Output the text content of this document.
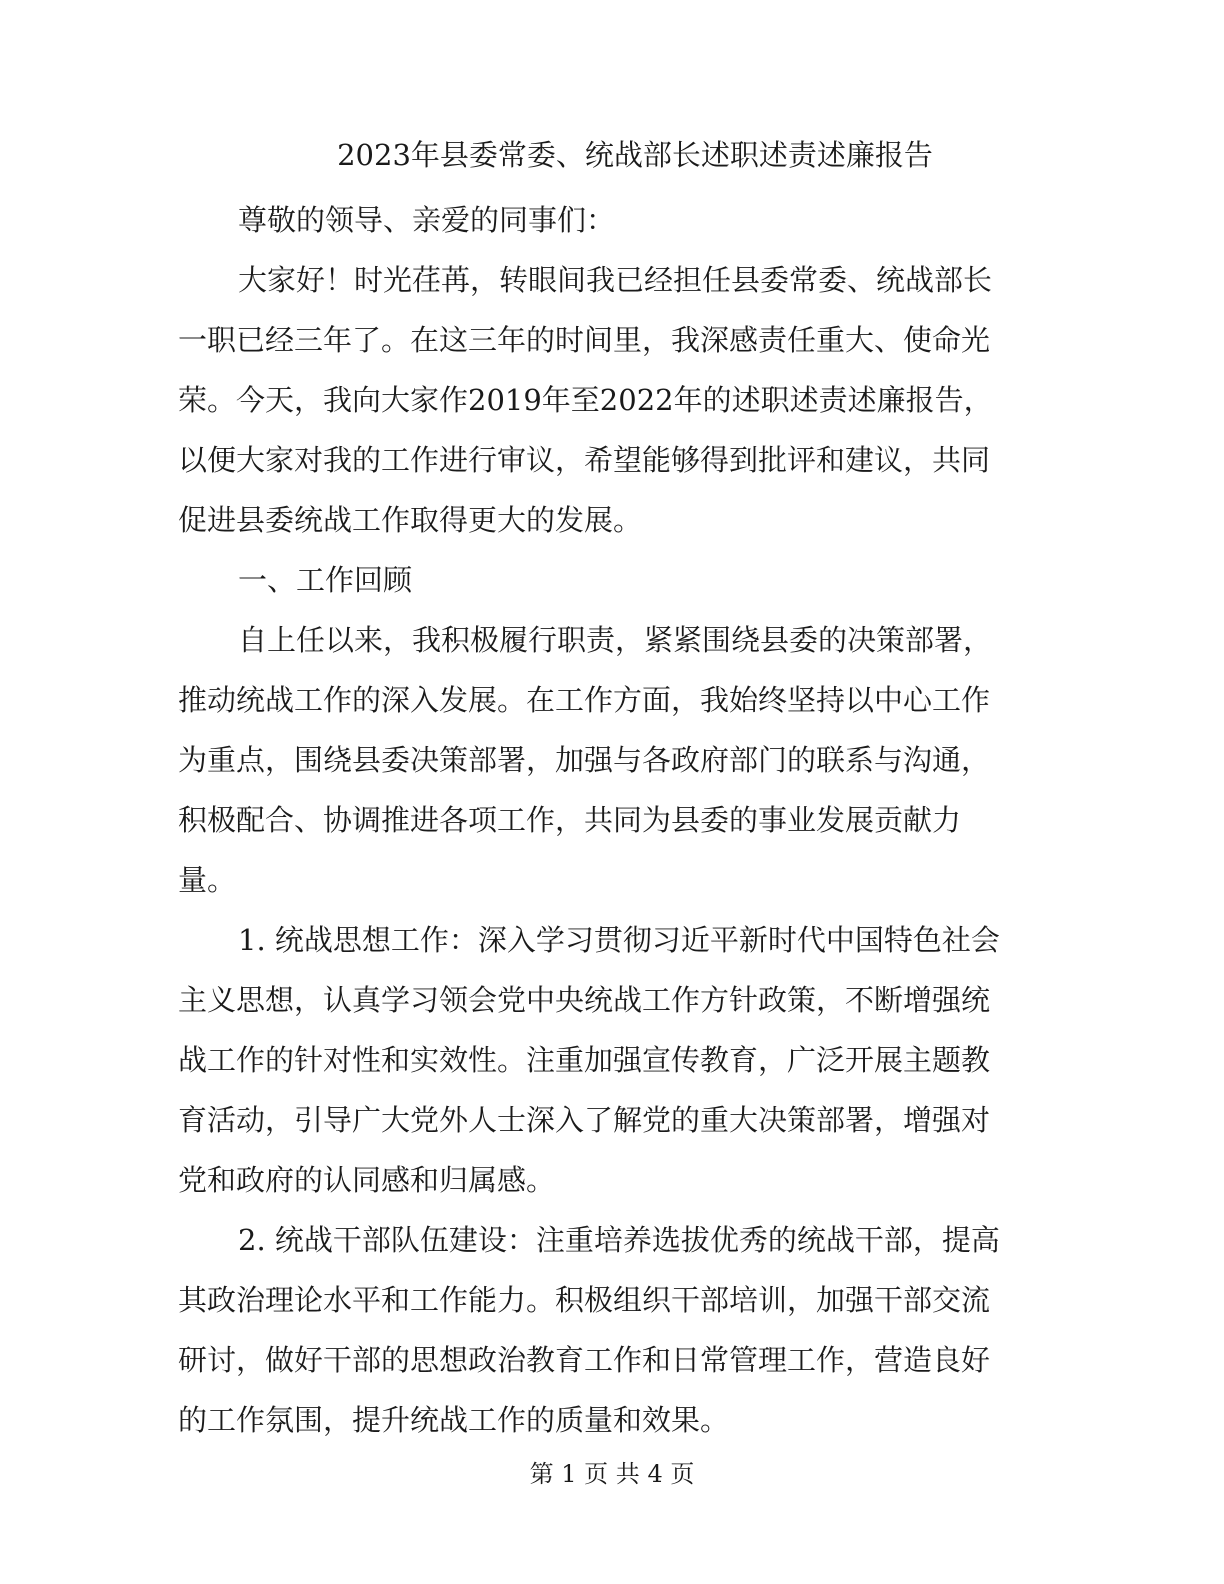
2023年县委常委、统战部长述职述责述廉报告
尊敬的领导、亲爱的同事们：
大家好！时光荏苒，转眼间我已经担任县委常委、统战部长
一职已经三年了。在这三年的时间里，我深感责任重大、使命光
荣。今天，我向大家作2019年至2022年的述职述责述廉报告，
以便大家对我的工作进行审议，希望能够得到批评和建议，共同
促进县委统战工作取得更大的发展。
一、工作回顾
自上任以来，我积极履行职责，紧紧围绕县委的决策部署，
推动统战工作的深入发展。在工作方面，我始终坚持以中心工作
为重点，围绕县委决策部署，加强与各政府部门的联系与沟通，
积极配合、协调推进各项工作，共同为县委的事业发展贡献力
量。
1. 统战思想工作：深入学习贯彻习近平新时代中国特色社会
主义思想，认真学习领会党中央统战工作方针政策，不断增强统
战工作的针对性和实效性。注重加强宣传教育，广泛开展主题教
育活动，引导广大党外人士深入了解党的重大决策部署，增强对
党和政府的认同感和归属感。
2. 统战干部队伍建设：注重培养选拔优秀的统战干部，提高
其政治理论水平和工作能力。积极组织干部培训，加强干部交流
研讨，做好干部的思想政治教育工作和日常管理工作，营造良好
的工作氛围，提升统战工作的质量和效果。
第 1 页 共 4 页
